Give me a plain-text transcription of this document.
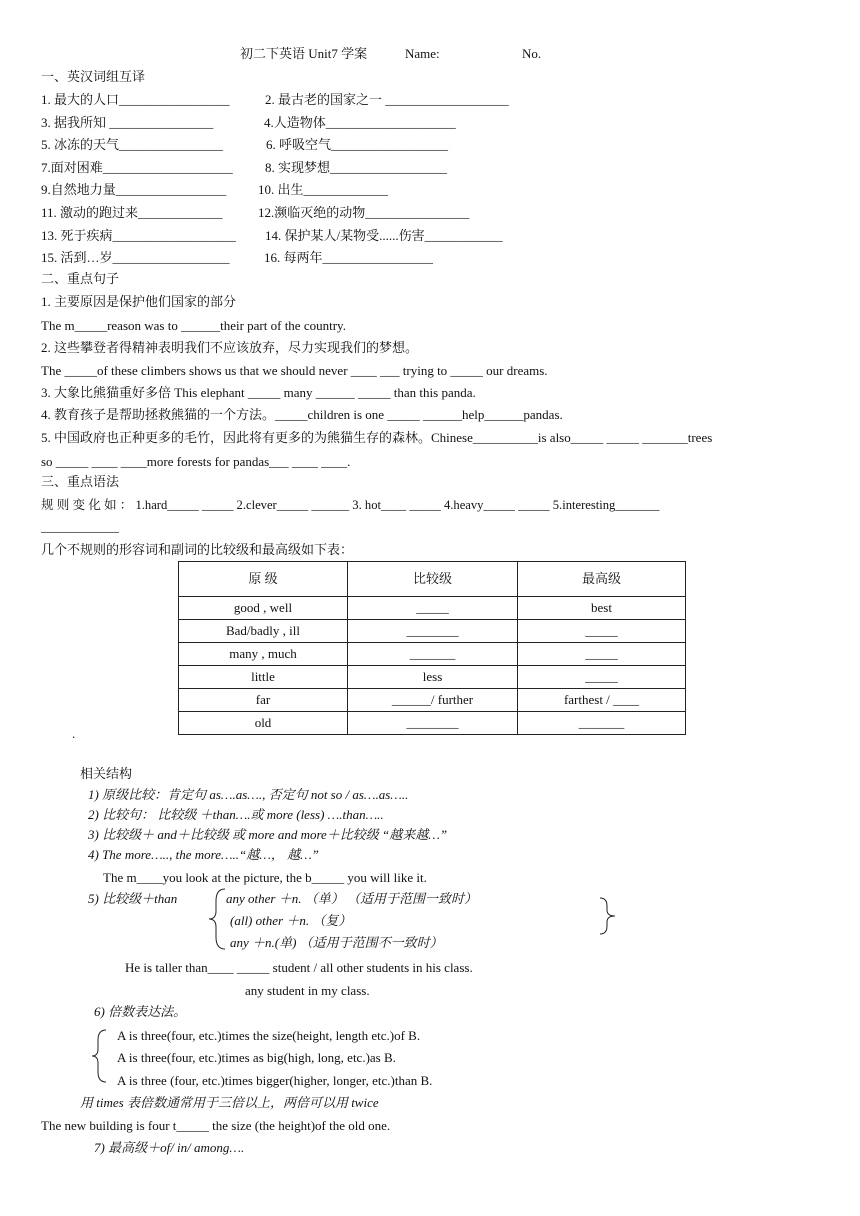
初二下英语 Unit7 学案	Name:	No.
一、英汉词组互译
1. 最大的人口_________________	2. 最古老的国家之一 ___________________
3. 据我所知 ________________	4.人造物体____________________
5. 冰冻的天气________________	6. 呼吸空气__________________
7.面对困难____________________ 8. 实现梦想__________________
9.自然地力量_________________ 10. 出生_____________
11. 激动的跑过来_____________	12.濒临灭绝的动物________________
13. 死于疾病___________________ 14. 保护某人/某物受......伤害____________
15. 活到…岁__________________	16. 每两年_________________
二、重点句子
1. 主要原因是保护他们国家的部分
The m_____reason was to ______their part of the country.
2. 这些攀登者得精神表明我们不应该放弃，尽力实现我们的梦想。
The _____of these climbers shows us that we should never ____ ___ trying to _____ our dreams.
3. 大象比熊猫重好多倍 This elephant _____ many ______ _____ than this panda.
4. 教育孩子是帮助拯救熊猫的一个方法。_____children is one _____ ______help______pandas.
5. 中国政府也正种更多的毛竹，因此将有更多的为熊猫生存的森林。Chinese__________is also_____ _____ _______trees
so _____ ____ ____more forests for pandas___ ____ ____.
三、重点语法
规 则 变 化 如 ： 1.hard_____ _____ 2.clever_____ ______ 3. hot____ _____ 4.heavy_____ _____ 5.interesting_______
____________
几个不规则的形容词和副词的比较级和最高级如下表：
原 级	比较级	最高级
good , well	_____	best
Bad/badly , ill	________	_____
many , much	_______	_____
little	less	_____
far	______/ further	farthest / ____
old	________	_______
.
相关结构
1) 原级比较：肯定句 as….as…., 否定句 not so / as….as…..
2) 比较句： 比较级 ＋than….或 more (less) ….than…..
3) 比较级＋ and＋比较级 或 more and more＋比较级 “越来越…”
4) The more….., the more…..“越…， 越…”
The m____you look at the picture, the b_____ you will like it.
5) 比较级＋than	any other ＋n. （单） （适用于范围一致时）
(all) other ＋n. （复）
any ＋n.(单) （适用于范围不一致时）
He is taller than____ _____ student / all other students in his class.
any student in my class.
6) 倍数表达法。
A is three(four, etc.)times the size(height, length etc.)of B.
A is three(four, etc.)times as big(high, long, etc.)as B.
A is three (four, etc.)times bigger(higher, longer, etc.)than B.
用 times 表倍数通常用于三倍以上，两倍可以用 twice
The new building is four t_____ the size (the height)of the old one.
7) 最高级＋of/ in/ among….
